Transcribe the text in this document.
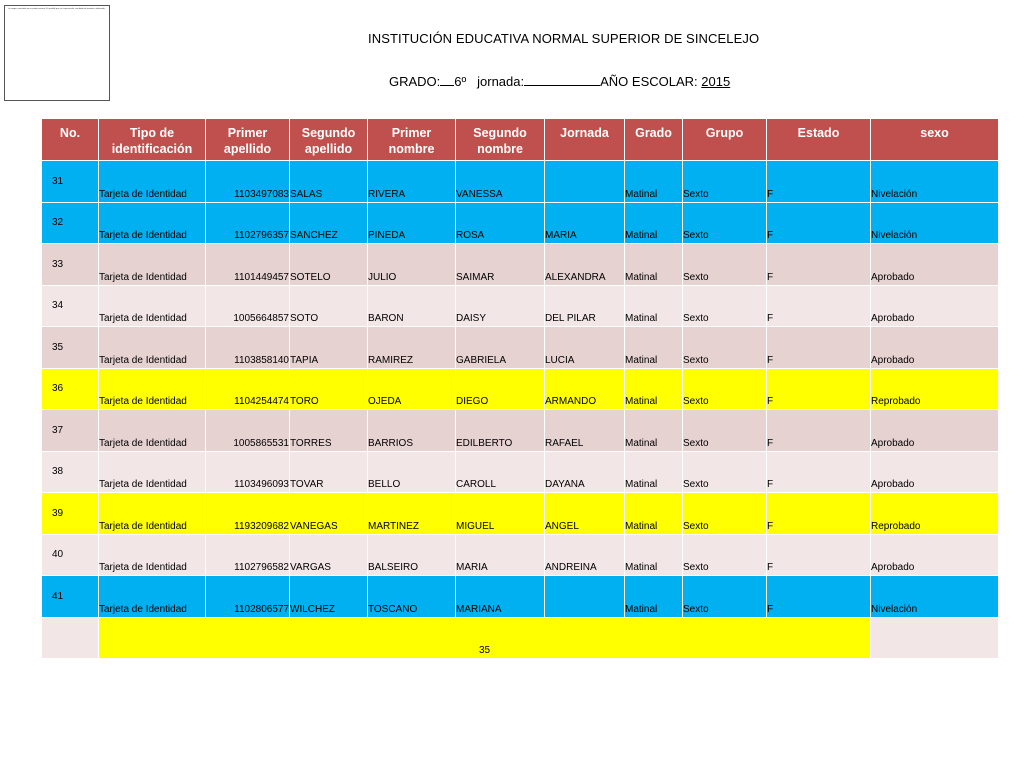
La imagen vinculada no se puede mostrar. Es posible que se haya movido, cambiado de nombre o eliminado.
INSTITUCIÓN EDUCATIVA NORMAL SUPERIOR DE SINCELEJO
GRADO: 6º jornada:	AÑO ESCOLAR: 2015
No.	Tipo de identificación	Primer apellido	Segundo apellido	Primer nombre	Segundo nombre	Jornada	Grado	Grupo	Estado	sexo
31	Tarjeta de Identidad	1103497083	SALAS	RIVERA	VANESSA		Matinal	Sexto	F	Nivelación
32	Tarjeta de Identidad	1102796357	SANCHEZ	PINEDA	ROSA	MARIA	Matinal	Sexto	F	Nivelación
33	Tarjeta de Identidad	1101449457	SOTELO	JULIO	SAIMAR	ALEXANDRA	Matinal	Sexto	F	Aprobado
34	Tarjeta de Identidad	1005664857	SOTO	BARON	DAISY	DEL PILAR	Matinal	Sexto	F	Aprobado
35	Tarjeta de Identidad	1103858140	TAPIA	RAMIREZ	GABRIELA	LUCIA	Matinal	Sexto	F	Aprobado
36	Tarjeta de Identidad	1104254474	TORO	OJEDA	DIEGO	ARMANDO	Matinal	Sexto	F	Reprobado
37	Tarjeta de Identidad	1005865531	TORRES	BARRIOS	EDILBERTO	RAFAEL	Matinal	Sexto	F	Aprobado
38	Tarjeta de Identidad	1103496093	TOVAR	BELLO	CAROLL	DAYANA	Matinal	Sexto	F	Aprobado
39	Tarjeta de Identidad	1193209682	VANEGAS	MARTINEZ	MIGUEL	ANGEL	Matinal	Sexto	F	Reprobado
40	Tarjeta de Identidad	1102796582	VARGAS	BALSEIRO	MARIA	ANDREINA	Matinal	Sexto	F	Aprobado
41	Tarjeta de Identidad	1102806577	WILCHEZ	TOSCANO	MARIANA		Matinal	Sexto	F	Nivelación
	35									
